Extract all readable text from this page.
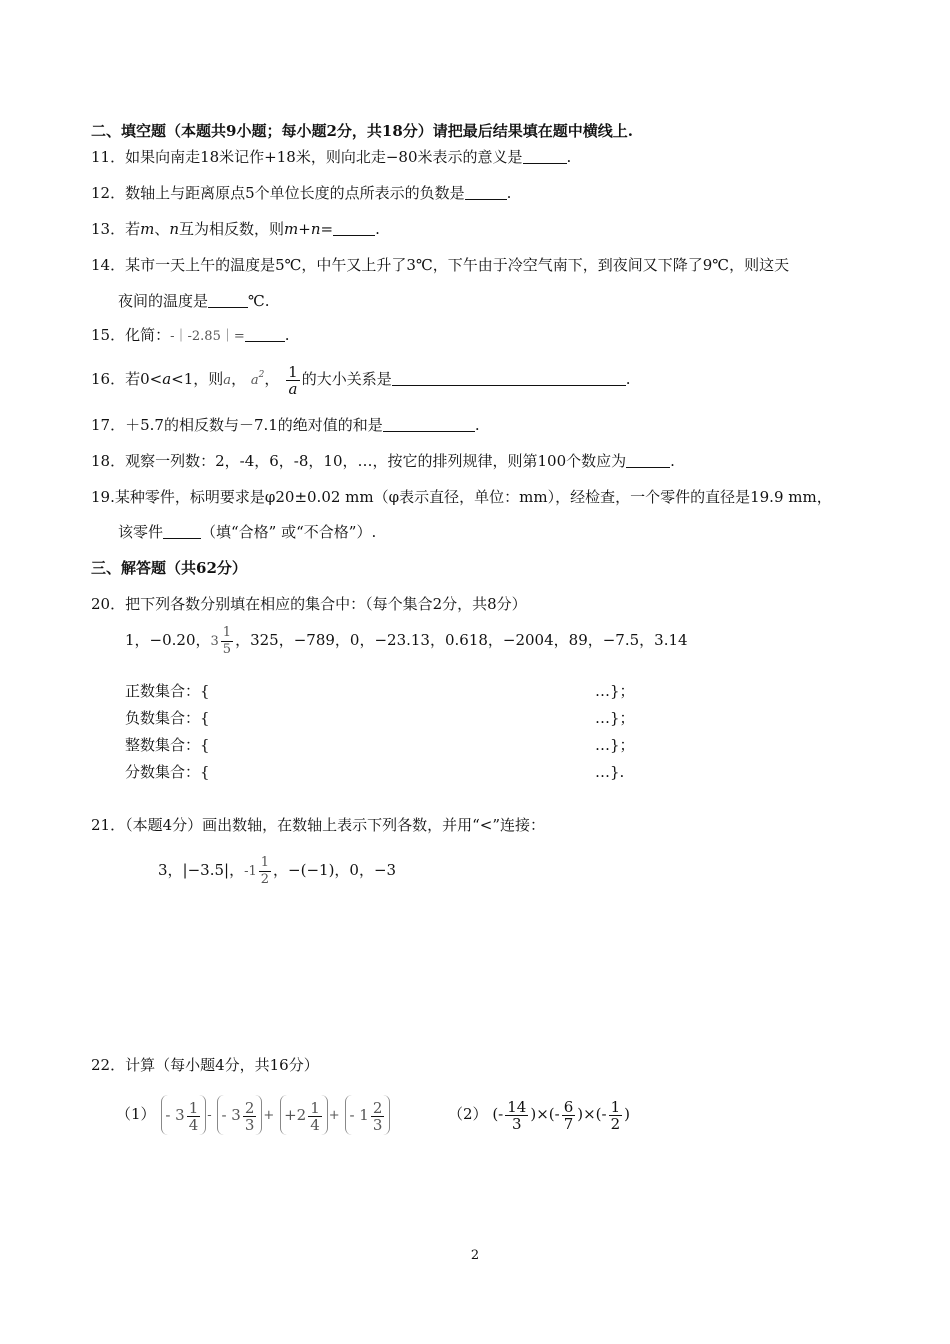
二、填空题（本题共9小题；每小题2分，共18分）请把最后结果填在题中横线上.
11．如果向南走18米记作+18米，则向北走−80米表示的意义是	.
12．数轴上与距离原点5个单位长度的点所表示的负数是	.
13．若m、n互为相反数，则m+n=	.
14．某市一天上午的温度是5℃，中午又上升了3℃，下午由于冷空气南下，到夜间又下降了9℃，则这天
夜间的温度是	℃.
15．化简：-｜-2.85｜=	.
16．若0<a<1，则a， $a^2$， $\frac{1}{a}$ 的大小关系是	.
17．＋5.7的相反数与－7.1的绝对值的和是	.
18．观察一列数：2，-4，6，-8，10，…，按它的排列规律，则第100个数应为	.
19.某种零件，标明要求是φ20±0.02 mm（φ表示直径，单位：mm），经检查，一个零件的直径是19.9 mm，
该零件	（填“合格” 或“不合格”）.
三、解答题（共62分）
20．把下列各数分别填在相应的集合中：（每个集合2分，共8分）
1，−0.20，$3 \frac{1}{5}$ ，325，−789，0，−23.13，0.618，−2004，89，−7.5，3.14
正数集合：{	…}；
负数集合：{	…}；
整数集合：{	…}；
分数集合：{	…}.
21．（本题4分）画出数轴，在数轴上表示下列各数，并用“<”连接：
3，|−3.5|，$-1 \frac{1}{2}$ ，−(−1)，0，−3
22．计算（每小题4分，共16分）
$(1) - 3 \frac{1}{4}$ - - $3 \frac{2}{3} + +2 \frac{1}{4}$ + - $1 \frac{2}{3}$	（2） (- $\frac{14}{3}$ )×(- $\frac{6}{7}$ )×(- $\frac{1}{2}$ )
2
